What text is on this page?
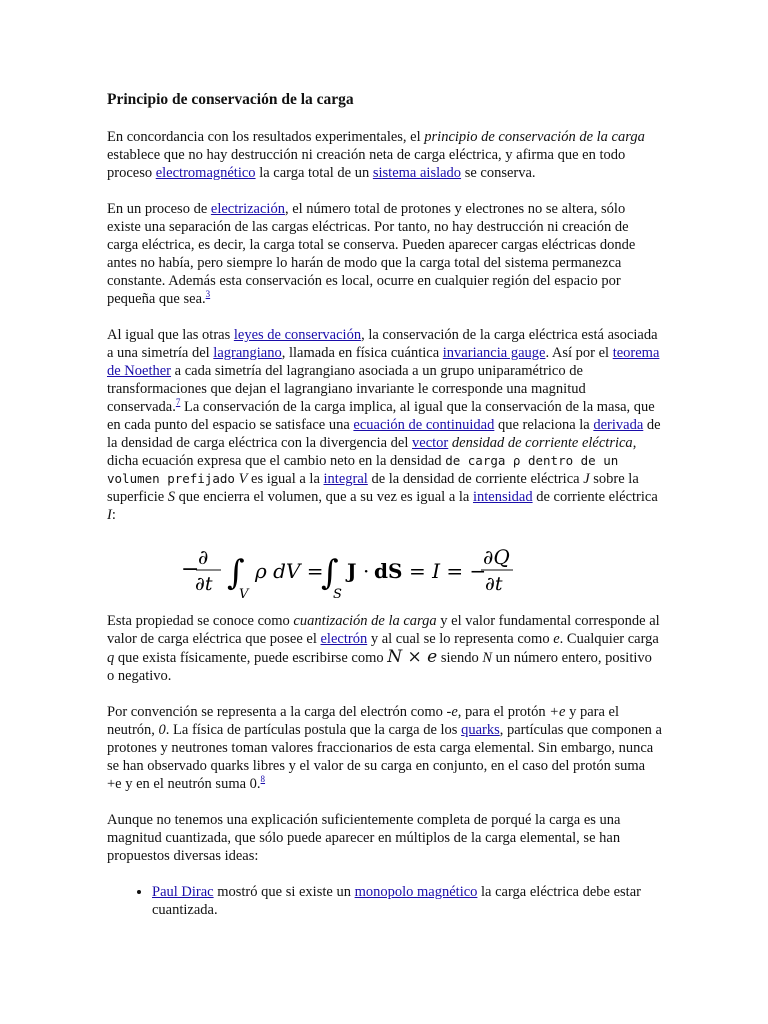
Principio de conservación de la carga

En concordancia con los resultados experimentales, el principio de conservación de la carga establece que no hay destrucción ni creación neta de carga eléctrica, y afirma que en todo proceso electromagnético la carga total de un sistema aislado se conserva.

En un proceso de electrización, el número total de protones y electrones no se altera, sólo existe una separación de las cargas eléctricas. Por tanto, no hay destrucción ni creación de carga eléctrica, es decir, la carga total se conserva. Pueden aparecer cargas eléctricas donde antes no había, pero siempre lo harán de modo que la carga total del sistema permanezca constante. Además esta conservación es local, ocurre en cualquier región del espacio por pequeña que sea.$^3$

Al igual que las otras leyes de conservación, la conservación de la carga eléctrica está asociada a una simetría del lagrangiano, llamada en física cuántica invariancia gauge. Así por el teorema de Noether a cada simetría del lagrangiano asociada a un grupo uniparamétrico de transformaciones que dejan el lagrangiano invariante le corresponde una magnitud conservada.$^7$ La conservación de la carga implica, al igual que la conservación de la masa, que en cada punto del espacio se satisface una ecuación de continuidad que relaciona la derivada de la densidad de carga eléctrica con la divergencia del vector densidad de corriente eléctrica, dicha ecuación expresa que el cambio neto en la densidad de carga ρ dentro de un volumen prefijado V es igual a la integral de la densidad de corriente eléctrica J sobre la superficie S que encierra el volumen, que a su vez es igual a la intensidad de corriente eléctrica I:

−
∂
∂t ∫
V
ρ dV =
∫
S
J · dS = I = −
∂Q
∂t

Esta propiedad se conoce como cuantización de la carga y el valor fundamental corresponde al valor de carga eléctrica que posee el electrón y al cual se lo representa como e. Cualquier carga q que exista físicamente, puede escribirse como N × e siendo N un número entero, positivo o negativo.

Por convención se representa a la carga del electrón como -e, para el protón +e y para el neutrón, 0. La física de partículas postula que la carga de los quarks, partículas que componen a protones y neutrones toman valores fraccionarios de esta carga elemental. Sin embargo, nunca se han observado quarks libres y el valor de su carga en conjunto, en el caso del protón suma +e y en el neutrón suma 0.$^8$

Aunque no tenemos una explicación suficientemente completa de porqué la carga es una magnitud cuantizada, que sólo puede aparecer en múltiplos de la carga elemental, se han propuestos diversas ideas:

• Paul Dirac mostró que si existe un monopolo magnético la carga eléctrica debe estar cuantizada.
